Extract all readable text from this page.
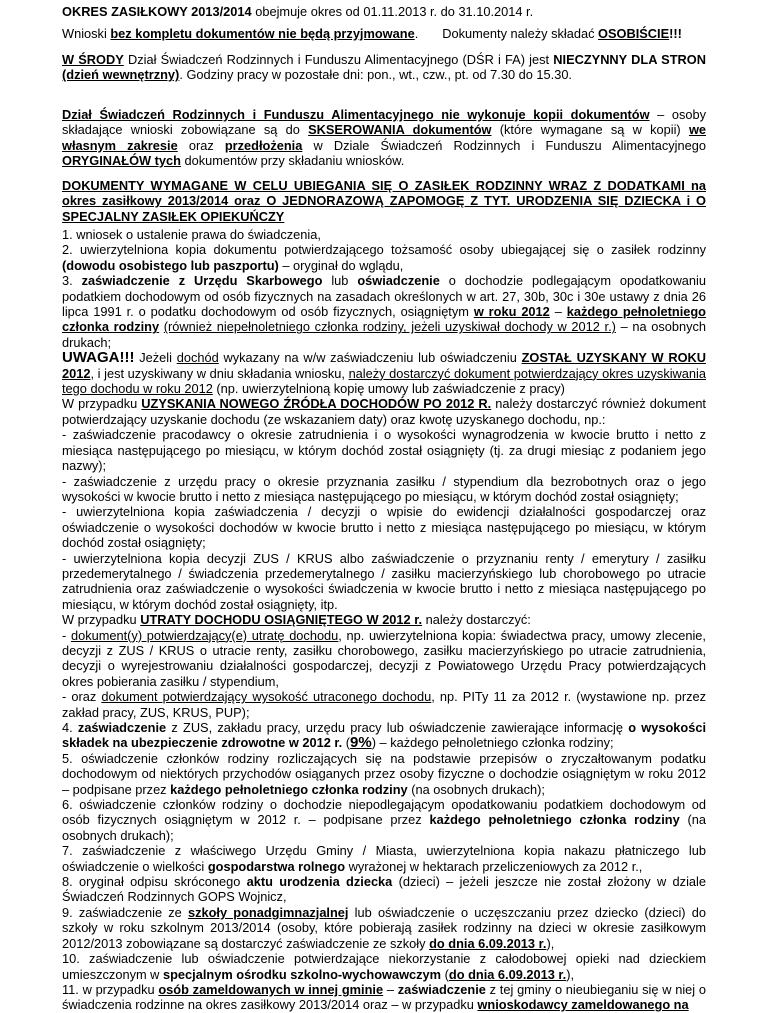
OKRES ZASIŁKOWY 2013/2014 obejmuje okres od 01.11.2013 r. do 31.10.2014 r.

Wnioski bez kompletu dokumentów nie będą przyjmowane. Dokumenty należy składać OSOBIŚCIE!!!

W ŚRODY Dział Świadczeń Rodzinnych i Funduszu Alimentacyjnego (DŚR i FA) jest NIECZYNNY DLA STRON (dzień wewnętrzny). Godziny pracy w pozostałe dni: pon., wt., czw., pt. od 7.30 do 15.30.

Dział Świadczeń Rodzinnych i Funduszu Alimentacyjnego nie wykonuje kopii dokumentów – osoby składające wnioski zobowiązane są do SKSEROWANIA dokumentów (które wymagane są w kopii) we własnym zakresie oraz przedłożenia w Dziale Świadczeń Rodzinnych i Funduszu Alimentacyjnego ORYGINAŁÓW tych dokumentów przy składaniu wniosków.

DOKUMENTY WYMAGANE W CELU UBIEGANIA SIĘ O ZASIŁEK RODZINNY WRAZ Z DODATKAMI na okres zasiłkowy 2013/2014 oraz O JEDNORAZOWĄ ZAPOMOGĘ Z TYT. URODZENIA SIĘ DZIECKA i O SPECJALNY ZASIŁEK OPIEKUŃCZY

1. wniosek o ustalenie prawa do świadczenia,

2. uwierzytelniona kopia dokumentu potwierdzającego tożsamość osoby ubiegającej się o zasiłek rodzinny (dowodu osobistego lub paszportu) – oryginał do wglądu,

3. zaświadczenie z Urzędu Skarbowego lub oświadczenie o dochodzie podlegającym opodatkowaniu podatkiem dochodowym od osób fizycznych na zasadach określonych w art. 27, 30b, 30c i 30e ustawy z dnia 26 lipca 1991 r. o podatku dochodowym od osób fizycznych, osiągniętym w roku 2012 – każdego pełnoletniego członka rodziny (również niepełnoletniego członka rodziny, jeżeli uzyskiwał dochody w 2012 r.) – na osobnych drukach;

UWAGA!!! Jeżeli dochód wykazany na w/w zaświadczeniu lub oświadczeniu ZOSTAŁ UZYSKANY W ROKU 2012, i jest uzyskiwany w dniu składania wniosku, należy dostarczyć dokument potwierdzający okres uzyskiwania tego dochodu w roku 2012 (np. uwierzytelnioną kopię umowy lub zaświadczenie z pracy)

W przypadku UZYSKANIA NOWEGO ŹRÓDŁA DOCHODÓW PO 2012 R. należy dostarczyć również dokument potwierdzający uzyskanie dochodu (ze wskazaniem daty) oraz kwotę uzyskanego dochodu, np.:

- zaświadczenie pracodawcy o okresie zatrudnienia i o wysokości wynagrodzenia w kwocie brutto i netto z miesiąca następującego po miesiącu, w którym dochód został osiągnięty (tj. za drugi miesiąc z podaniem jego nazwy);

- zaświadczenie z urzędu pracy o okresie przyznania zasiłku / stypendium dla bezrobotnych oraz o jego wysokości w kwocie brutto i netto z miesiąca następującego po miesiącu, w którym dochód został osiągnięty;

- uwierzytelniona kopia zaświadczenia / decyzji o wpisie do ewidencji działalności gospodarczej oraz oświadczenie o wysokości dochodów w kwocie brutto i netto z miesiąca następującego po miesiącu, w którym dochód został osiągnięty;

- uwierzytelniona kopia decyzji ZUS / KRUS albo zaświadczenie o przyznaniu renty / emerytury / zasiłku przedemerytalnego / świadczenia przedemerytalnego / zasiłku macierzyńskiego lub chorobowego po utracie zatrudnienia oraz zaświadczenie o wysokości świadczenia w kwocie brutto i netto z miesiąca następującego po miesiącu, w którym dochód został osiągnięty, itp.

W przypadku UTRATY DOCHODU OSIĄGNIĘTEGO W 2012 r. należy dostarczyć:

- dokument(y) potwierdzający(e) utratę dochodu, np. uwierzytelniona kopia: świadectwa pracy, umowy zlecenie, decyzji z ZUS / KRUS o utracie renty, zasiłku chorobowego, zasiłku macierzyńskiego po utracie zatrudnienia, decyzji o wyrejestrowaniu działalności gospodarczej, decyzji z Powiatowego Urzędu Pracy potwierdzających okres pobierania zasiłku / stypendium,

- oraz dokument potwierdzający wysokość utraconego dochodu, np. PITy 11 za 2012 r. (wystawione np. przez zakład pracy, ZUS, KRUS, PUP);

4. zaświadczenie z ZUS, zakładu pracy, urzędu pracy lub oświadczenie zawierające informację o wysokości składek na ubezpieczenie zdrowotne w 2012 r. (9%) – każdego pełnoletniego członka rodziny;

5. oświadczenie członków rodziny rozliczających się na podstawie przepisów o zryczałtowanym podatku dochodowym od niektórych przychodów osiąganych przez osoby fizyczne o dochodzie osiągniętym w roku 2012 – podpisane przez każdego pełnoletniego członka rodziny (na osobnych drukach);

6. oświadczenie członków rodziny o dochodzie niepodlegającym opodatkowaniu podatkiem dochodowym od osób fizycznych osiągniętym w 2012 r. – podpisane przez każdego pełnoletniego członka rodziny (na osobnych drukach);

7. zaświadczenie z właściwego Urzędu Gminy / Miasta, uwierzytelniona kopia nakazu płatniczego lub oświadczenie o wielkości gospodarstwa rolnego wyrażonej w hektarach przeliczeniowych za 2012 r.,

8. oryginał odpisu skróconego aktu urodzenia dziecka (dzieci) – jeżeli jeszcze nie został złożony w dziale Świadczeń Rodzinnych GOPS Wojnicz,

9. zaświadczenie ze szkoły ponadgimnazjalnej lub oświadczenie o uczęszczaniu przez dziecko (dzieci) do szkoły w roku szkolnym 2013/2014 (osoby, które pobierają zasiłek rodzinny na dzieci w okresie zasiłkowym 2012/2013 zobowiązane są dostarczyć zaświadczenie ze szkoły do dnia 6.09.2013 r.),

10. zaświadczenie lub oświadczenie potwierdzające niekorzystanie z całodobowej opieki nad dzieckiem umieszczonym w specjalnym ośrodku szkolno-wychowawczym (do dnia 6.09.2013 r.),

11. w przypadku osób zameldowanych w innej gminie – zaświadczenie z tej gminy o nieubieganiu się w niej o świadczenia rodzinne na okres zasiłkowy 2013/2014 oraz – w przypadku wnioskodawcy zameldowanego na
